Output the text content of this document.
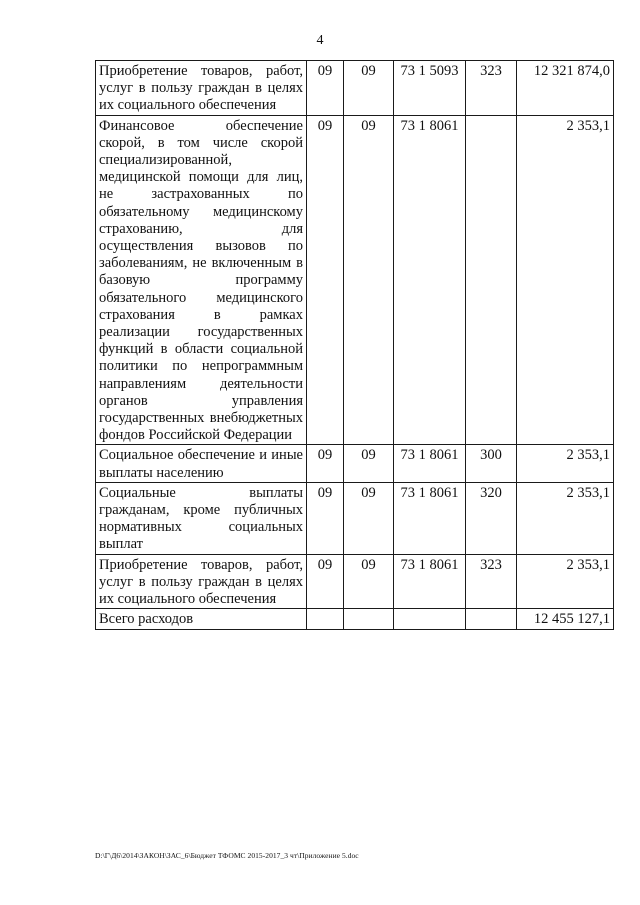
4
Приобретение товаров, работ, услуг в пользу граждан в целях их социального обеспечения	09	09	73 1 5093	323	12 321 874,0
Финансовое обеспечение скорой, в том числе скорой специализированной, медицинской помощи для лиц, не застрахованных по обязательному медицинскому страхованию, для осуществления вызовов по заболеваниям, не включенным в базовую программу обязательного медицинского страхования в рамках реализации государственных функций в области социальной политики по непрограммным направлениям деятельности органов управления государственных внебюджетных фондов Российской Федерации	09	09	73 1 8061		2 353,1
Социальное обеспечение и иные выплаты населению	09	09	73 1 8061	300	2 353,1
Социальные выплаты гражданам, кроме публичных нормативных социальных выплат	09	09	73 1 8061	320	2 353,1
Приобретение товаров, работ, услуг в пользу граждан в целях их социального обеспечения	09	09	73 1 8061	323	2 353,1
Всего расходов					12 455 127,1
D:\Г\Д6\2014\ЗАКОН\ЗАС_6\Бюджет ТФОМС 2015-2017_3 чт\Приложение 5.doc
